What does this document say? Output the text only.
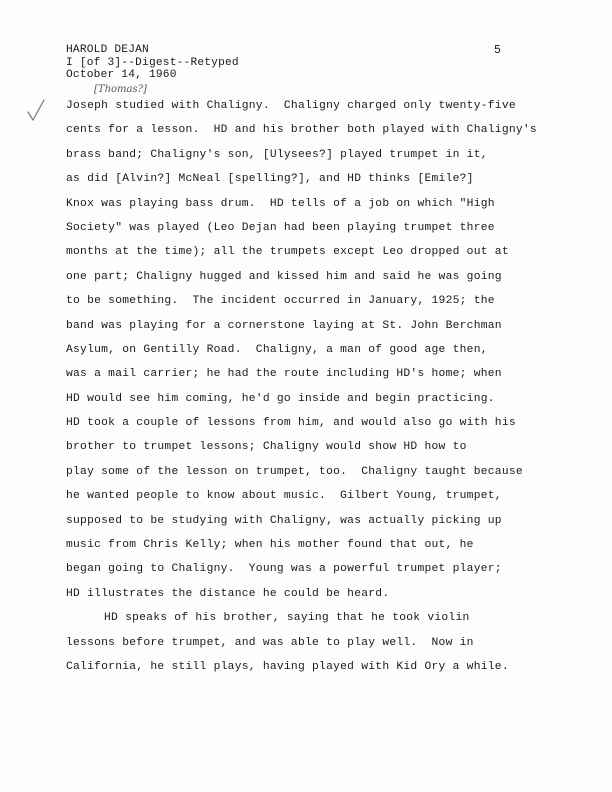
HAROLD DEJAN
I [of 3]--Digest--Retyped
October 14, 1960
5
[Thomas?]
Joseph studied with Chaligny.  Chaligny charged only twenty-five
cents for a lesson.  HD and his brother both played with Chaligny's
brass band; Chaligny's son, [Ulysees?] played trumpet in it,
as did [Alvin?] McNeal [spelling?], and HD thinks [Emile?]
Knox was playing bass drum.  HD tells of a job on which "High
Society" was played (Leo Dejan had been playing trumpet three
months at the time); all the trumpets except Leo dropped out at
one part; Chaligny hugged and kissed him and said he was going
to be something.  The incident occurred in January, 1925; the
band was playing for a cornerstone laying at St. John Berchman
Asylum, on Gentilly Road.  Chaligny, a man of good age then,
was a mail carrier; he had the route including HD's home; when
HD would see him coming, he'd go inside and begin practicing.
HD took a couple of lessons from him, and would also go with his
brother to trumpet lessons; Chaligny would show HD how to
play some of the lesson on trumpet, too.  Chaligny taught because
he wanted people to know about music.  Gilbert Young, trumpet,
supposed to be studying with Chaligny, was actually picking up
music from Chris Kelly; when his mother found that out, he
began going to Chaligny.  Young was a powerful trumpet player;
HD illustrates the distance he could be heard.
HD speaks of his brother, saying that he took violin
lessons before trumpet, and was able to play well.  Now in
California, he still plays, having played with Kid Ory a while.
